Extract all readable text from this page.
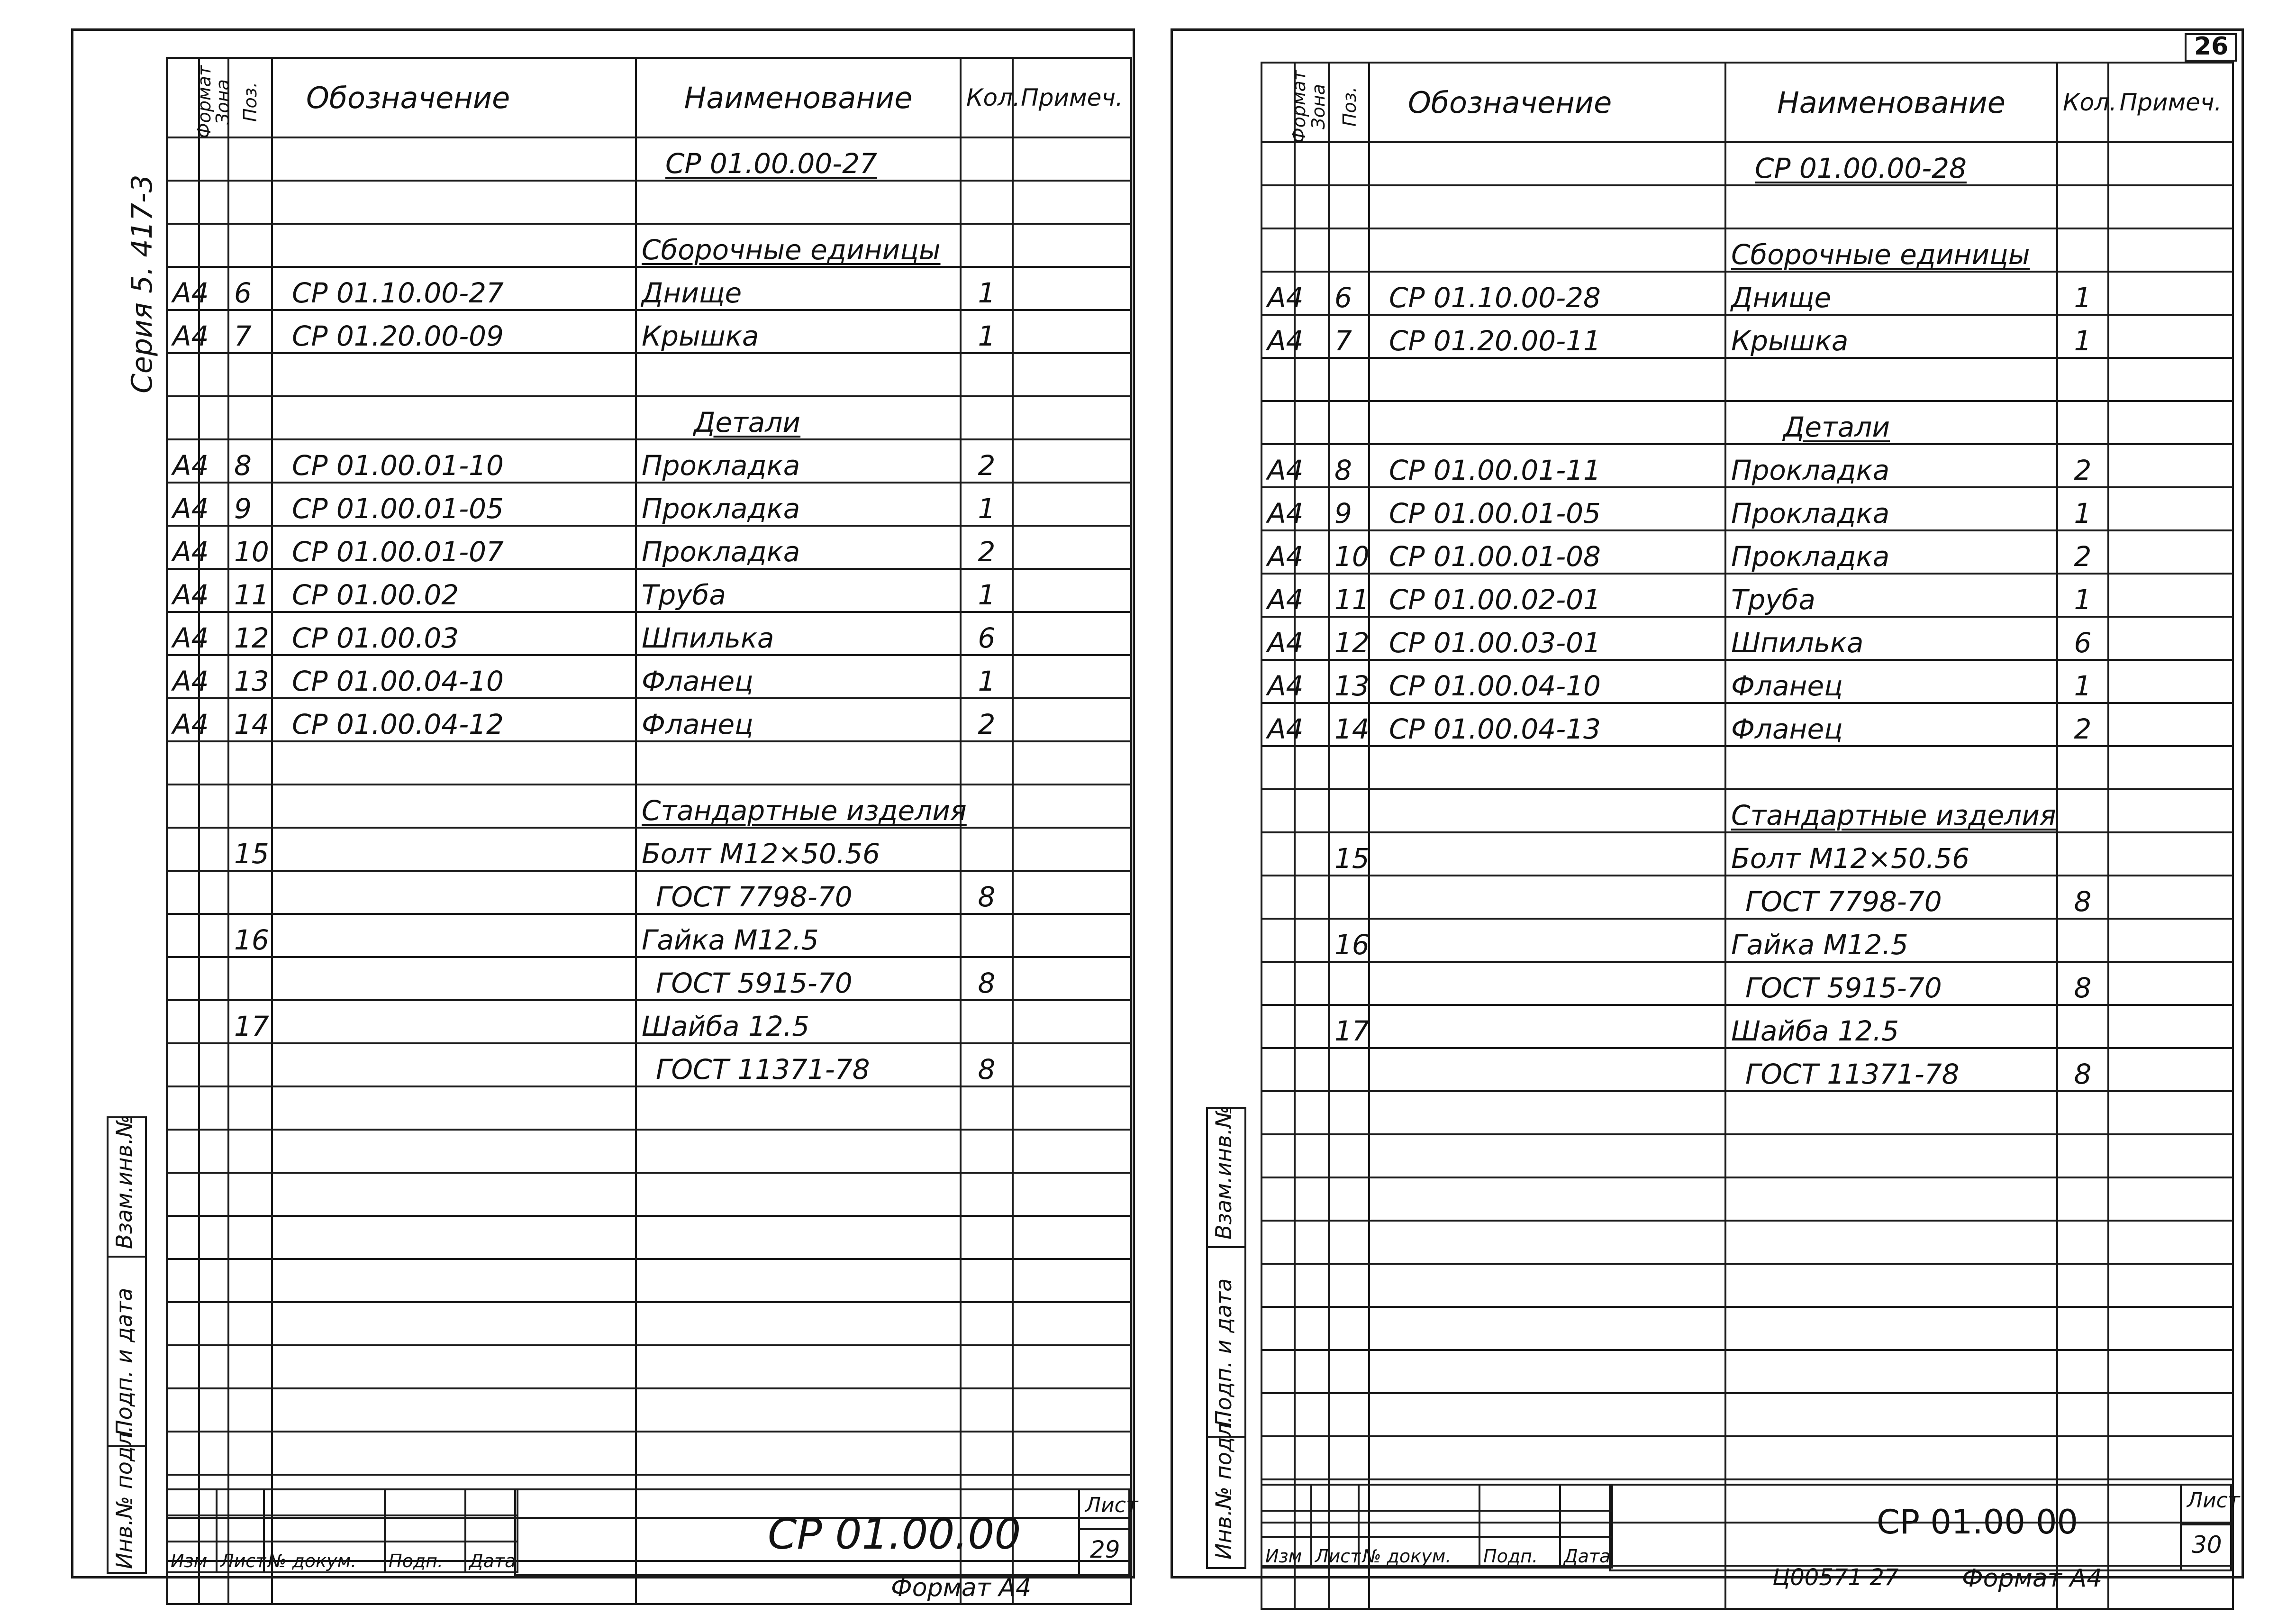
Серия 5. 417-3
Формат	Зона	Поз.	Обозначение	Наименование	Кол.	Примеч.
				СР 01.00.00-27		

				Сборочные единицы		
А4		6	СР 01.10.00-27	Днище	1	
А4		7	СР 01.20.00-09	Крышка	1	

				Детали		
А4		8	СР 01.00.01-10	Прокладка	2	
А4		9	СР 01.00.01-05	Прокладка	1	
А4		10	СР 01.00.01-07	Прокладка	2	
А4		11	СР 01.00.02	Труба	1	
А4		12	СР 01.00.03	Шпилька	6	
А4		13	СР 01.00.04-10	Фланец	1	
А4		14	СР 01.00.04-12	Фланец	2	

				Стандартные изделия		
		15		Болт М12×50.56		
				ГОСТ 7798-70	8	
		16		Гайка М12.5		
				ГОСТ 5915-70	8	
		17		Шайба 12.5		
				ГОСТ 11371-78	8	

Взам.инв.№
Подп. и дата
Инв.№ подл.

				Изм	Лист	№ докум.	Подп.	Дата
СР 01.00.00
Лист
29
Формат А4
26
Формат	Зона	Поз.	Обозначение	Наименование	Кол.	Примеч.
				СР 01.00.00-28		

				Сборочные единицы		
А4		6	СР 01.10.00-28	Днище	1	
А4		7	СР 01.20.00-11	Крышка	1	

				Детали		
А4		8	СР 01.00.01-11	Прокладка	2	
А4		9	СР 01.00.01-05	Прокладка	1	
А4		10	СР 01.00.01-08	Прокладка	2	
А4		11	СР 01.00.02-01	Труба	1	
А4		12	СР 01.00.03-01	Шпилька	6	
А4		13	СР 01.00.04-10	Фланец	1	
А4		14	СР 01.00.04-13	Фланец	2	

				Стандартные изделия		
		15		Болт М12×50.56		
				ГОСТ 7798-70	8	
		16		Гайка М12.5		
				ГОСТ 5915-70	8	
		17		Шайба 12.5		
				ГОСТ 11371-78	8	

Взам.инв.№
Подп. и дата
Инв.№ подл.

				Изм	Лист	№ докум.	Подп.	Дата
СР 01.00 00
Лист
30
Ц00571 27	Формат А4
